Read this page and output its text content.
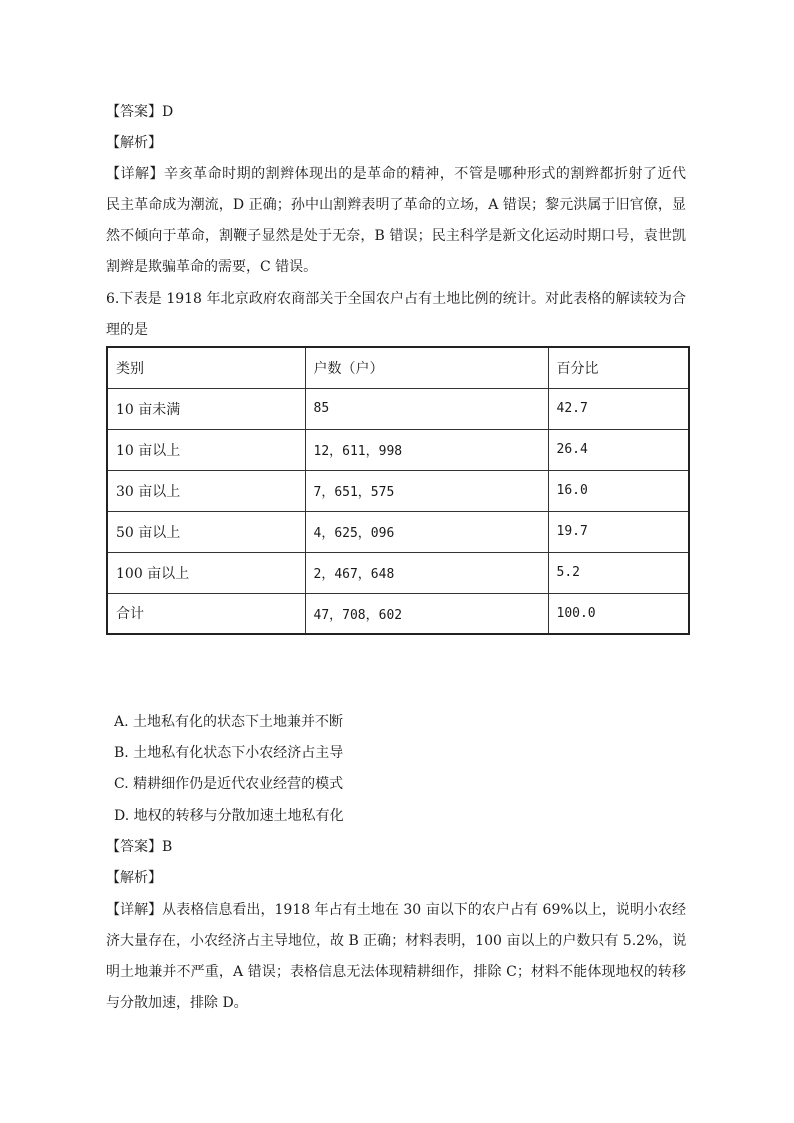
【答案】D
【解析】
【详解】辛亥革命时期的割辫体现出的是革命的精神，不管是哪种形式的割辫都折射了近代
民主革命成为潮流，D 正确；孙中山割辫表明了革命的立场，A 错误；黎元洪属于旧官僚，显
然不倾向于革命，割鞭子显然是处于无奈，B 错误；民主科学是新文化运动时期口号，袁世凯
割辫是欺骗革命的需要，C 错误。
6.下表是 1918 年北京政府农商部关于全国农户占有土地比例的统计。对此表格的解读较为合
理的是
类别	户数（户）	百分比
10 亩未满	85	42.7
10 亩以上	12，611，998	26.4
30 亩以上	7，651，575	16.0
50 亩以上	4，625，096	19.7
100 亩以上	2，467，648	5.2
合计	47，708，602	100.0
A. 土地私有化的状态下土地兼并不断
B. 土地私有化状态下小农经济占主导
C. 精耕细作仍是近代农业经营的模式
D. 地权的转移与分散加速土地私有化
【答案】B
【解析】
【详解】从表格信息看出，1918 年占有土地在 30 亩以下的农户占有 69%以上，说明小农经
济大量存在，小农经济占主导地位，故 B 正确；材料表明，100 亩以上的户数只有 5.2%，说
明土地兼并不严重，A 错误；表格信息无法体现精耕细作，排除 C；材料不能体现地权的转移
与分散加速，排除 D。
